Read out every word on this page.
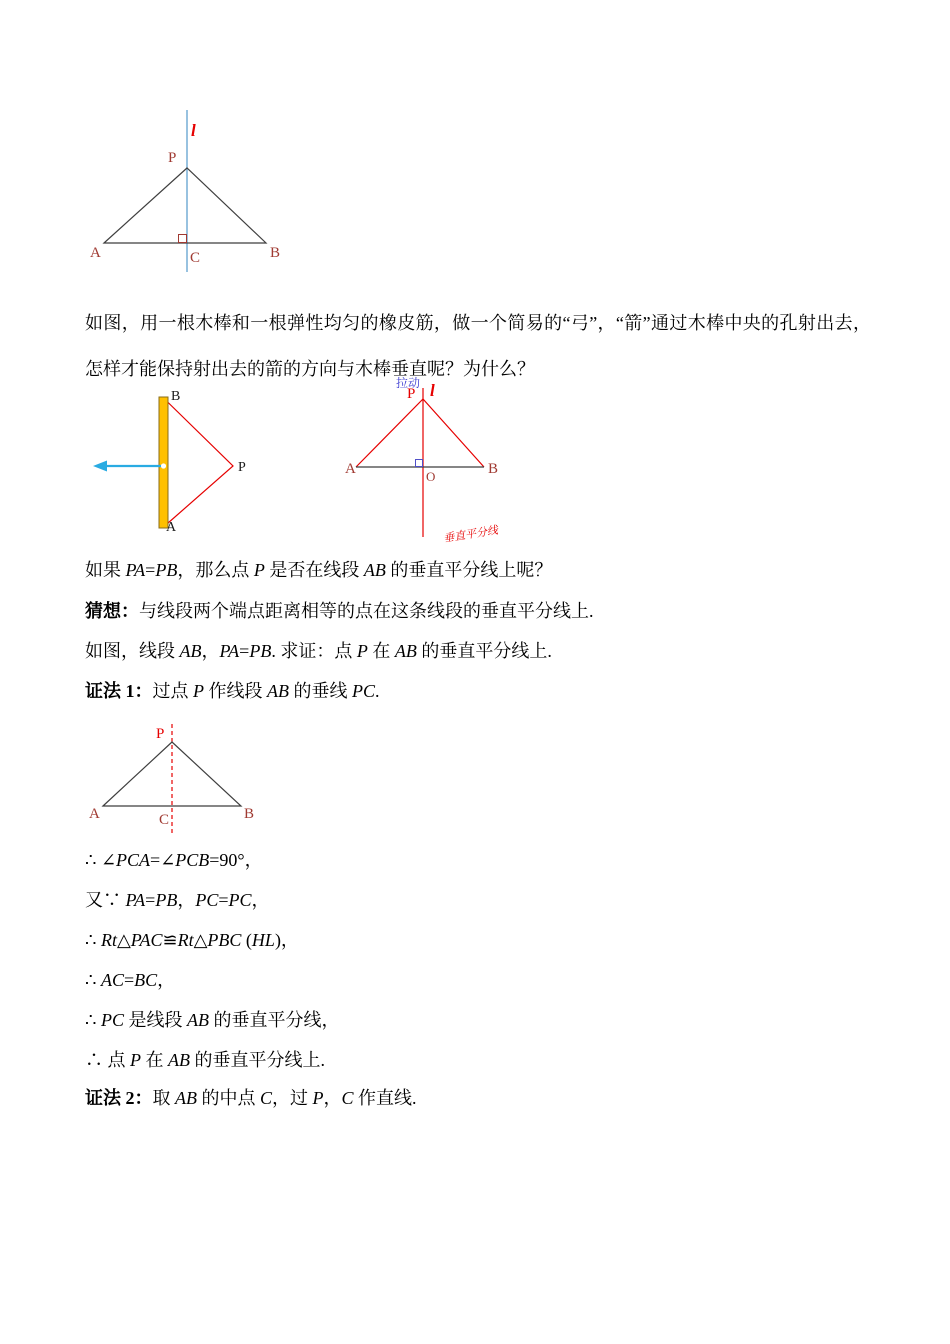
l
P
A	B
C

如图，用一根木棒和一根弹性均匀的橡皮筋，做一个简易的“弓”，“箭”通过木棒中央的孔射出去，怎样才能保持射出去的箭的方向与木棒垂直呢？为什么？

B
A
P
拉动
P l
A	B
O
垂直平分线

如果 PA=PB，那么点 P 是否在线段 AB 的垂直平分线上呢？

猜想：与线段两个端点距离相等的点在这条线段的垂直平分线上.

如图，线段 AB，PA=PB. 求证：点 P 在 AB 的垂直平分线上.

证法 1：过点 P 作线段 AB 的垂线 PC.

P
A	B
C

∴ ∠PCA=∠PCB=90°，

又∵ PA=PB，PC=PC，

∴ Rt△PAC≌Rt△PBC (HL)，

∴ AC=BC，

∴ PC 是线段 AB 的垂直平分线，

∴ 点 P 在 AB 的垂直平分线上.

证法 2：取 AB 的中点 C，过 P，C 作直线.
